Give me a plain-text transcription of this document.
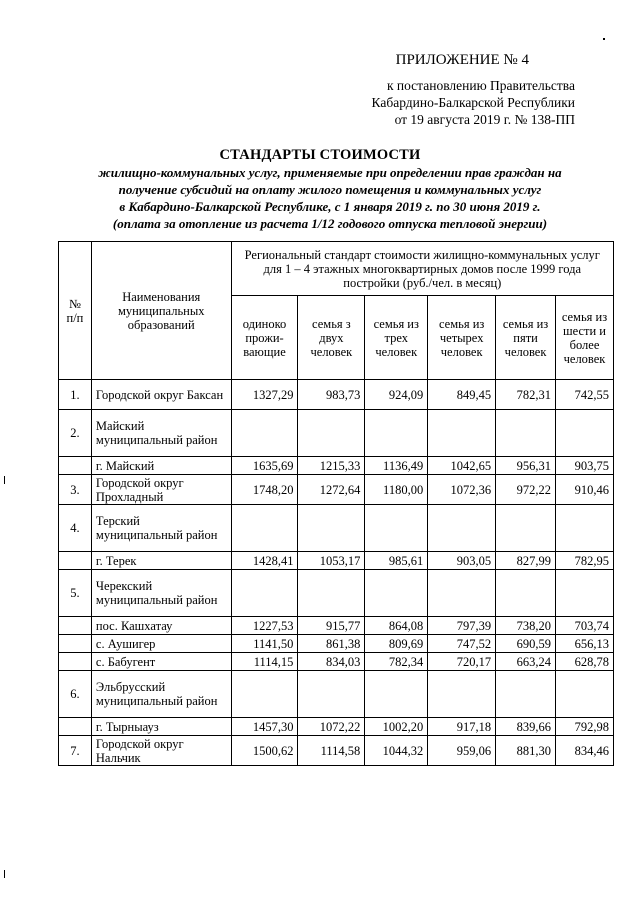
ПРИЛОЖЕНИЕ № 4
к постановлению Правительства
Кабардино-Балкарской Республики
от 19 августа 2019 г. № 138-ПП
СТАНДАРТЫ СТОИМОСТИ
жилищно-коммунальных услуг, применяемые при определении прав граждан на
получение субсидий на оплату жилого помещения и коммунальных услуг
в Кабардино-Балкарской Республике, с 1 января 2019 г. по 30 июня 2019 г.
(оплата за отопление из расчета 1/12 годового отпуска тепловой энергии)
№ п/п	Наименования муниципальных образований	Региональный стандарт стоимости жилищно-коммунальных услуг для 1 – 4 этажных многоквартирных домов после 1999 года постройки (руб./чел. в месяц)					
		одиноко прожи-вающие	семья з двух человек	семья из трех человек	семья из четырех человек	семья из пяти человек	семья из шести и более человек
1.	Городской округ Баксан	1327,29	983,73	924,09	849,45	782,31	742,55
2.	Майский муниципальный район						
	г. Майский	1635,69	1215,33	1136,49	1042,65	956,31	903,75
3.	Городской округ Прохладный	1748,20	1272,64	1180,00	1072,36	972,22	910,46
4.	Терский муниципальный район						
	г. Терек	1428,41	1053,17	985,61	903,05	827,99	782,95
5.	Черекский муниципальный район						
	пос. Кашхатау	1227,53	915,77	864,08	797,39	738,20	703,74
	с. Аушигер	1141,50	861,38	809,69	747,52	690,59	656,13
	с. Бабугент	1114,15	834,03	782,34	720,17	663,24	628,78
6.	Эльбрусский муниципальный район						
	г. Тырныауз	1457,30	1072,22	1002,20	917,18	839,66	792,98
7.	Городской округ Нальчик	1500,62	1114,58	1044,32	959,06	881,30	834,46
